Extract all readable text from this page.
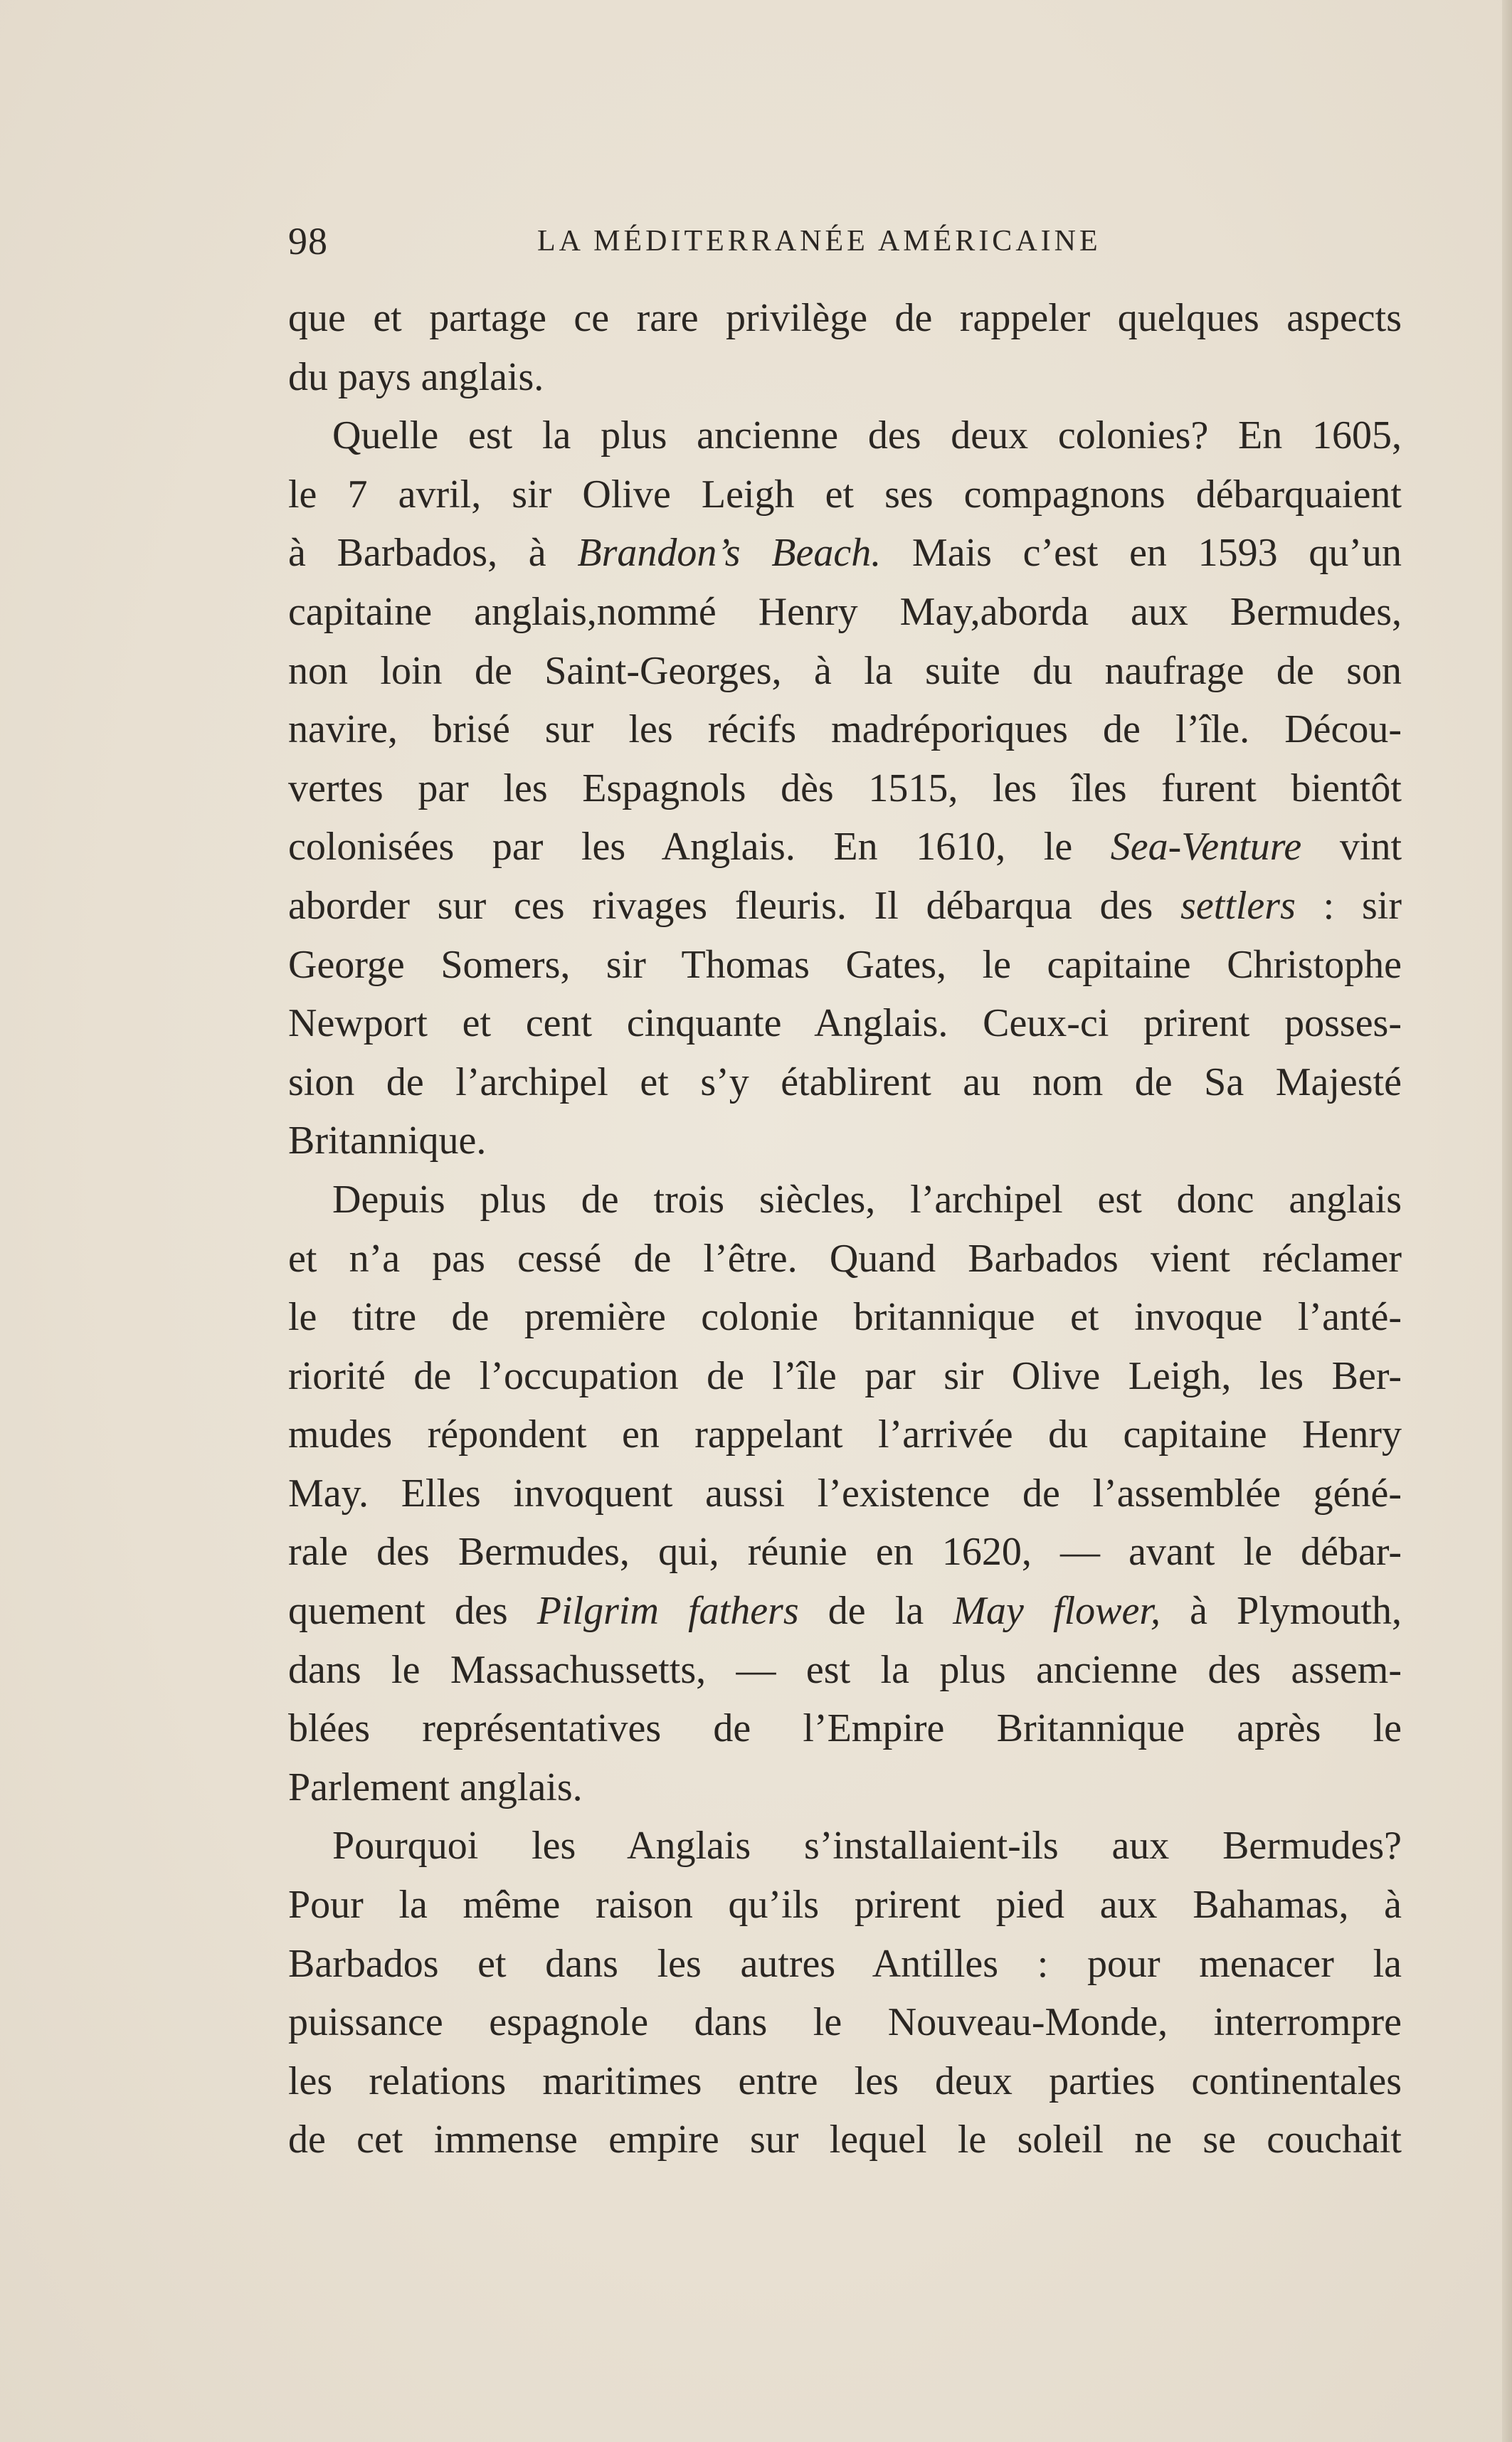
98	LA MÉDITERRANÉE AMÉRICAINE
que et partage ce rare privilège de rappeler quelques aspects
du pays anglais.
Quelle est la plus ancienne des deux colonies? En 1605,
le 7 avril, sir Olive Leigh et ses compagnons débarquaient
à Barbados, à Brandon’s Beach. Mais c’est en 1593 qu’un
capitaine anglais,nommé Henry May,aborda aux Bermudes,
non loin de Saint-Georges, à la suite du naufrage de son
navire, brisé sur les récifs madréporiques de l’île. Décou-
vertes par les Espagnols dès 1515, les îles furent bientôt
colonisées par les Anglais. En 1610, le Sea-Venture vint
aborder sur ces rivages fleuris. Il débarqua des settlers : sir
George Somers, sir Thomas Gates, le capitaine Christophe
Newport et cent cinquante Anglais. Ceux-ci prirent posses-
sion de l’archipel et s’y établirent au nom de Sa Majesté
Britannique.
Depuis plus de trois siècles, l’archipel est donc anglais
et n’a pas cessé de l’être. Quand Barbados vient réclamer
le titre de première colonie britannique et invoque l’anté-
riorité de l’occupation de l’île par sir Olive Leigh, les Ber-
mudes répondent en rappelant l’arrivée du capitaine Henry
May. Elles invoquent aussi l’existence de l’assemblée géné-
rale des Bermudes, qui, réunie en 1620, — avant le débar-
quement des Pilgrim fathers de la May flower, à Plymouth,
dans le Massachussetts, — est la plus ancienne des assem-
blées représentatives de l’Empire Britannique après le
Parlement anglais.
Pourquoi les Anglais s’installaient-ils aux Bermudes?
Pour la même raison qu’ils prirent pied aux Bahamas, à
Barbados et dans les autres Antilles : pour menacer la
puissance espagnole dans le Nouveau-Monde, interrompre
les relations maritimes entre les deux parties continentales
de cet immense empire sur lequel le soleil ne se couchait
